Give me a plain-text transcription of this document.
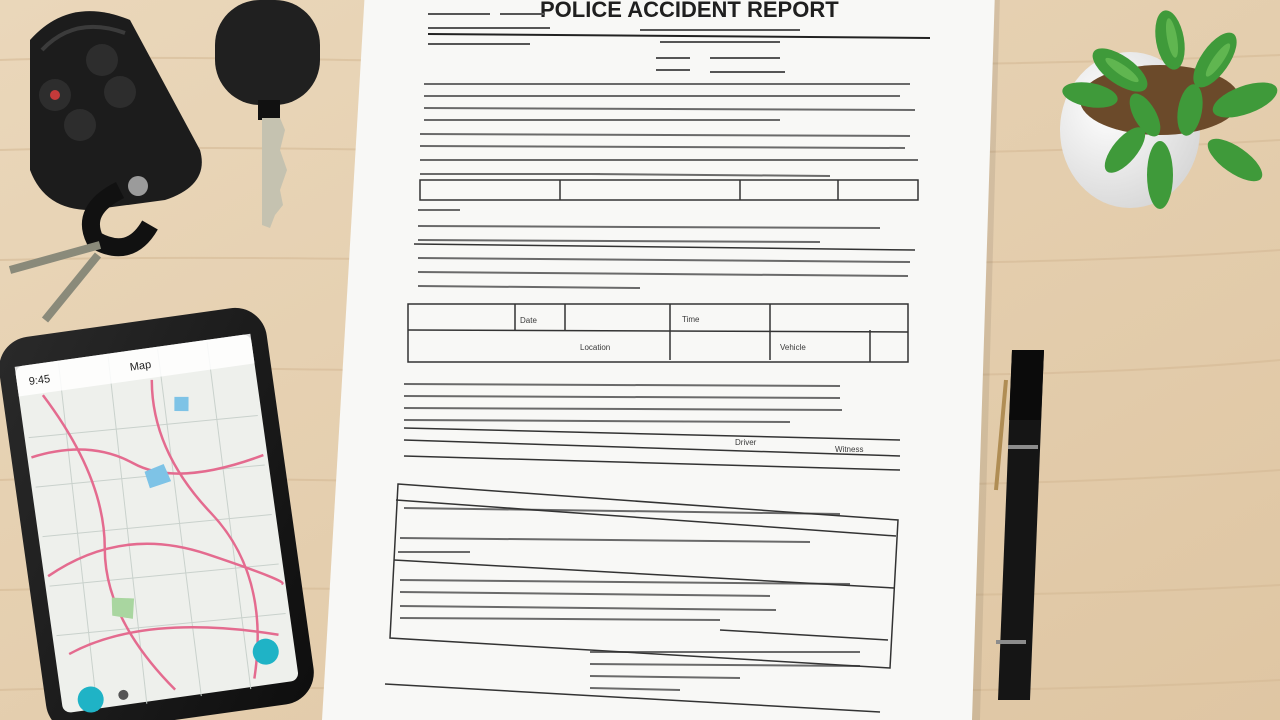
POLICE ACCIDENT REPORT
Date	Time
Location	Vehicle
Driver
Witness
9:45
Map
